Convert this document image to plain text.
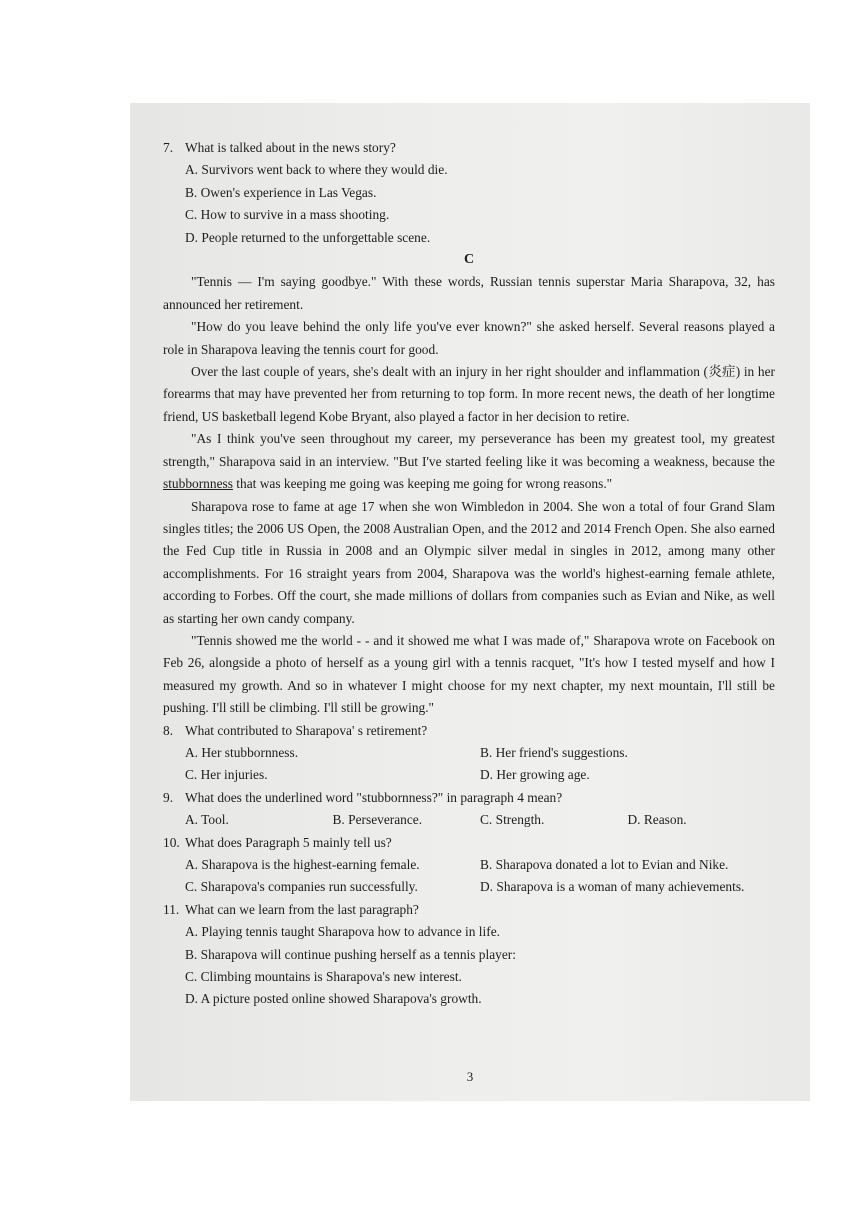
7. What is talked about in the news story?
A. Survivors went back to where they would die.
B. Owen's experience in Las Vegas.
C. How to survive in a mass shooting.
D. People returned to the unforgettable scene.
C

"Tennis — I'm saying goodbye." With these words, Russian tennis superstar Maria Sharapova, 32, has announced her retirement.

"How do you leave behind the only life you've ever known?" she asked herself. Several reasons played a role in Sharapova leaving the tennis court for good.

Over the last couple of years, she's dealt with an injury in her right shoulder and inflammation (炎症) in her forearms that may have prevented her from returning to top form. In more recent news, the death of her longtime friend, US basketball legend Kobe Bryant, also played a factor in her decision to retire.

"As I think you've seen throughout my career, my perseverance has been my greatest tool, my greatest strength," Sharapova said in an interview. "But I've started feeling like it was becoming a weakness, because the stubbornness that was keeping me going was keeping me going for wrong reasons."

Sharapova rose to fame at age 17 when she won Wimbledon in 2004. She won a total of four Grand Slam singles titles; the 2006 US Open, the 2008 Australian Open, and the 2012 and 2014 French Open. She also earned the Fed Cup title in Russia in 2008 and an Olympic silver medal in singles in 2012, among many other accomplishments. For 16 straight years from 2004, Sharapova was the world's highest-earning female athlete, according to Forbes. Off the court, she made millions of dollars from companies such as Evian and Nike, as well as starting her own candy company.

"Tennis showed me the world - - and it showed me what I was made of," Sharapova wrote on Facebook on Feb 26, alongside a photo of herself as a young girl with a tennis racquet, "It's how I tested myself and how I measured my growth. And so in whatever I might choose for my next chapter, my next mountain, I'll still be pushing. I'll still be climbing. I'll still be growing."

8. What contributed to Sharapova' s retirement?
A. Her stubbornness.	B. Her friend's suggestions.
C. Her injuries.	D. Her growing age.
9. What does the underlined word "stubbornness?" in paragraph 4 mean?
A. Tool.	B. Perseverance.	C. Strength.	D. Reason.
10. What does Paragraph 5 mainly tell us?
A. Sharapova is the highest-earning female.	B. Sharapova donated a lot to Evian and Nike.
C. Sharapova's companies run successfully.	D. Sharapova is a woman of many achievements.
11. What can we learn from the last paragraph?
A. Playing tennis taught Sharapova how to advance in life.
B. Sharapova will continue pushing herself as a tennis player:
C. Climbing mountains is Sharapova's new interest.
D. A picture posted online showed Sharapova's growth.
3
